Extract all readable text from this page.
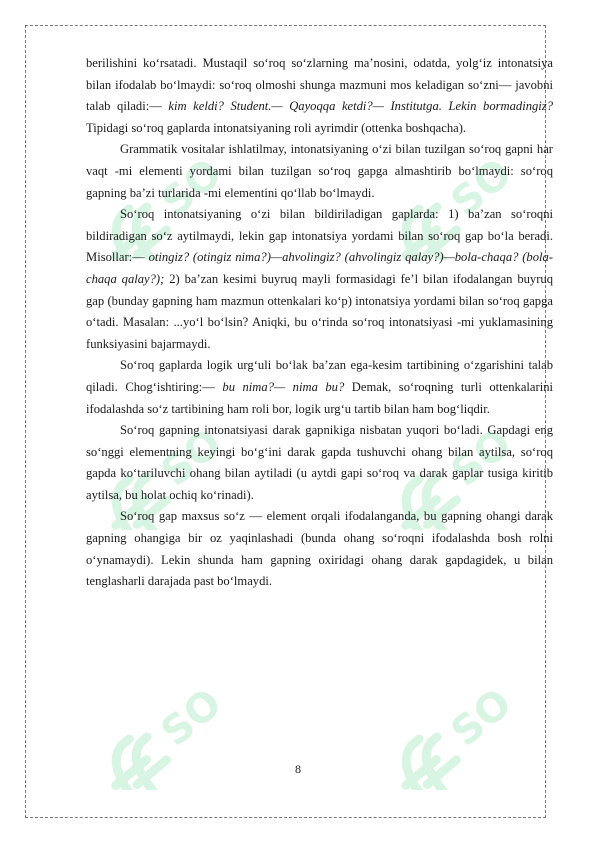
SO	SO
SO	SO
SO	SO

berilishini ko‘rsatadi. Mustaqil so‘roq so‘zlarning ma’nosini, odatda, yolg‘iz intonatsiya bilan ifodalab bo‘lmaydi: so‘roq olmoshi shunga mazmuni mos keladigan so‘zni— javobni talab qiladi:— kim keldi? Student.— Qayoqqa ketdi?— Institutga. Lekin bormadingiz? Tipidagi so‘roq gaplarda intonatsiyaning roli ayrimdir (ottenka boshqacha).

Grammatik vositalar ishlatilmay, intonatsiyaning o‘zi bilan tuzilgan so‘roq gapni har vaqt -mi elementi yordami bilan tuzilgan so‘roq gapga almashtirib bo‘lmaydi: so‘roq gapning ba’zi turlarida -mi elementini qo‘llab bo‘lmaydi.

So‘roq intonatsiyaning o‘zi bilan bildiriladigan gaplarda: 1) ba’zan so‘roqni bildiradigan so‘z aytilmaydi, lekin gap intonatsiya yordami bilan so‘roq gap bo‘la beradi. Misollar:— otingiz? (otingiz nima?)—ahvolingiz? (ahvolingiz qalay?)—bola-chaqa? (bola-chaqa qalay?); 2) ba’zan kesimi buyruq mayli formasidagi fe’l bilan ifodalangan buyruq gap (bunday gapning ham mazmun ottenkalari ko‘p) intonatsiya yordami bilan so‘roq gapga o‘tadi. Masalan: ...yo‘l bo‘lsin? Aniqki, bu o‘rinda so‘roq intonatsiyasi -mi yuklamasining funksiyasini bajarmaydi.

So‘roq gaplarda logik urg‘uli bo‘lak ba’zan ega-kesim tartibining o‘zgarishini talab qiladi. Chog‘ishtiring:— bu nima?— nima bu? Demak, so‘roqning turli ottenkalarini ifodalashda so‘z tartibining ham roli bor, logik urg‘u tartib bilan ham bog‘liqdir.

So‘roq gapning intonatsiyasi darak gapnikiga nisbatan yuqori bo‘ladi. Gapdagi eng so‘nggi elementning keyingi bo‘g‘ini darak gapda tushuvchi ohang bilan aytilsa, so‘roq gapda ko‘tariluvchi ohang bilan aytiladi (u aytdi gapi so‘roq va darak gaplar tusiga kiritib aytilsa, bu holat ochiq ko‘rinadi).

So‘roq gap maxsus so‘z — element orqali ifodalanganda, bu gapning ohangi darak gapning ohangiga bir oz yaqinlashadi (bunda ohang so‘roqni ifodalashda bosh rolni o‘ynamaydi). Lekin shunda ham gapning oxiridagi ohang darak gapdagidek, u bilan tenglasharli darajada past bo‘lmaydi.

8
